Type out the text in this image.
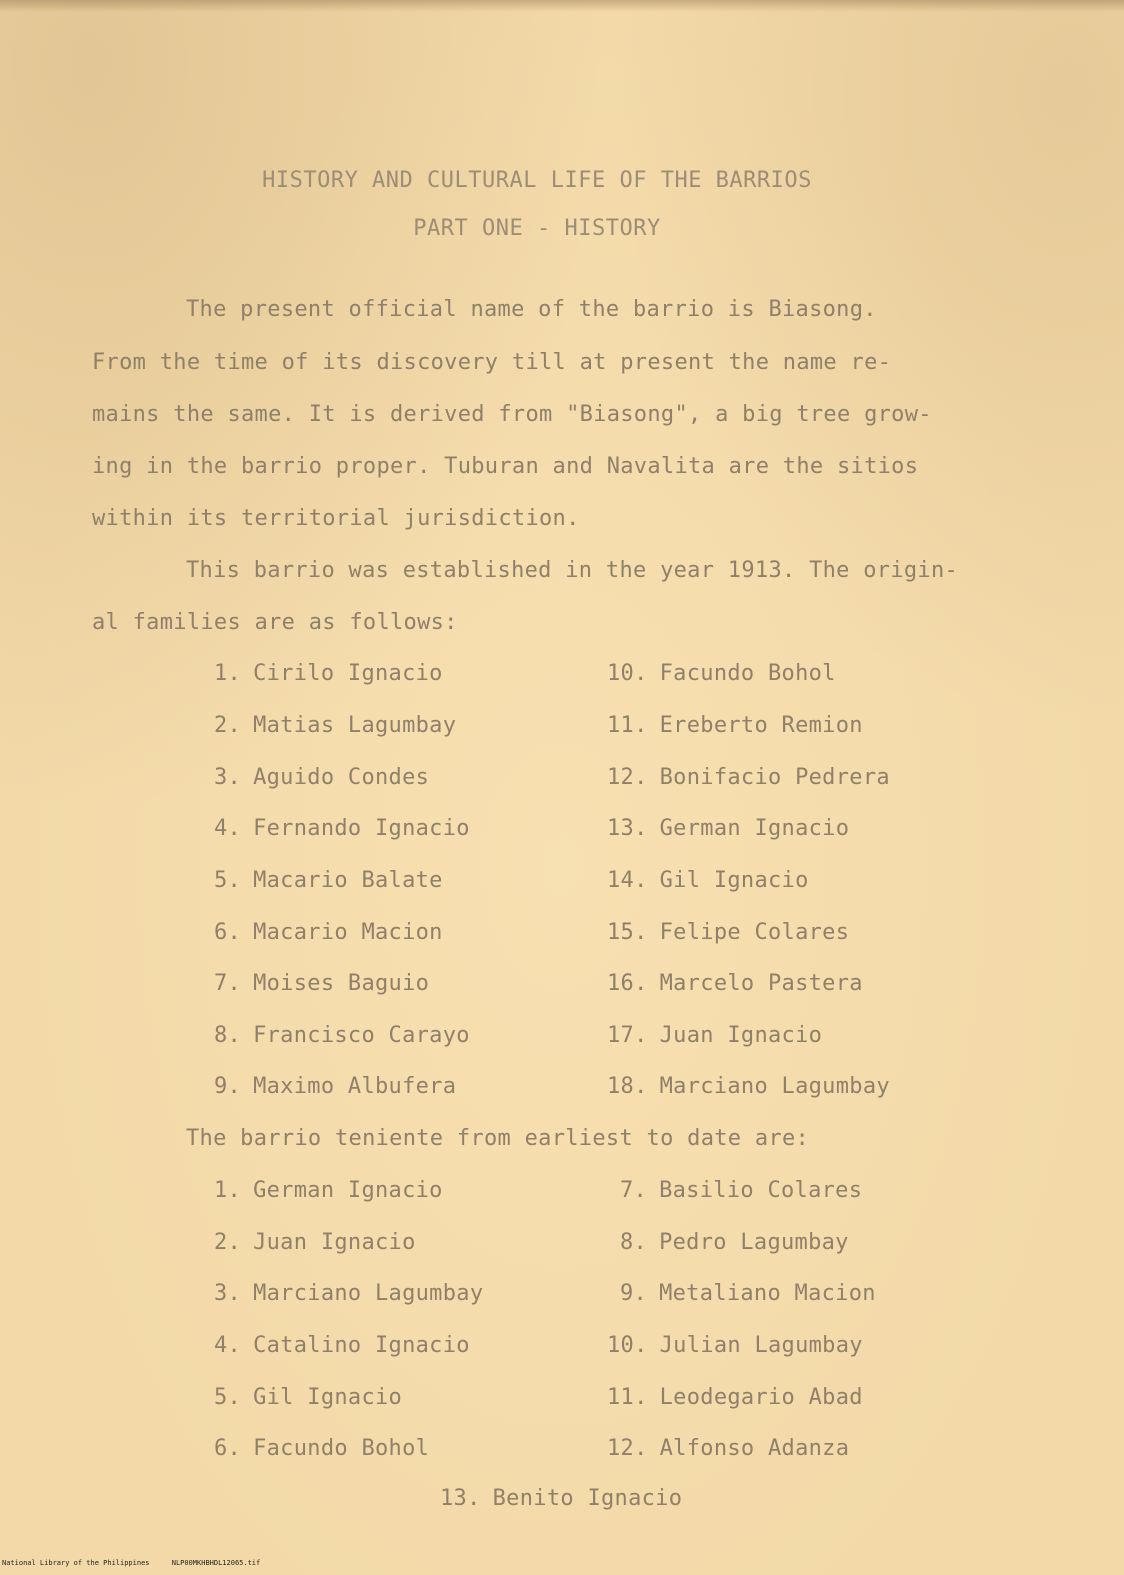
HISTORY AND CULTURAL LIFE OF THE BARRIOS

PART ONE - HISTORY

The present official name of the barrio is Biasong.

From the time of its discovery till at present the name re-

mains the same. It is derived from "Biasong", a big tree grow-

ing in the barrio proper. Tuburan and Navalita are the sitios

within its territorial jurisdiction.

This barrio was established in the year 1913. The origin-

al families are as follows:

1. Cirilo Ignacio

2. Matias Lagumbay

3. Aguido Condes

4. Fernando Ignacio

5. Macario Balate

6. Macario Macion

7. Moises Baguio

8. Francisco Carayo

9. Maximo Albufera

10. Facundo Bohol

11. Ereberto Remion

12. Bonifacio Pedrera

13. German Ignacio

14. Gil Ignacio

15. Felipe Colares

16. Marcelo Pastera

17. Juan Ignacio

18. Marciano Lagumbay

The barrio teniente from earliest to date are:

1. German Ignacio

2. Juan Ignacio

3. Marciano Lagumbay

4. Catalino Ignacio

5. Gil Ignacio

6. Facundo Bohol

7. Basilio Colares

8. Pedro Lagumbay

9. Metaliano Macion

10. Julian Lagumbay

11. Leodegario Abad

12. Alfonso Adanza

13. Benito Ignacio

National Library of the Philippines	NLP00MKHBHDL12065.tif
